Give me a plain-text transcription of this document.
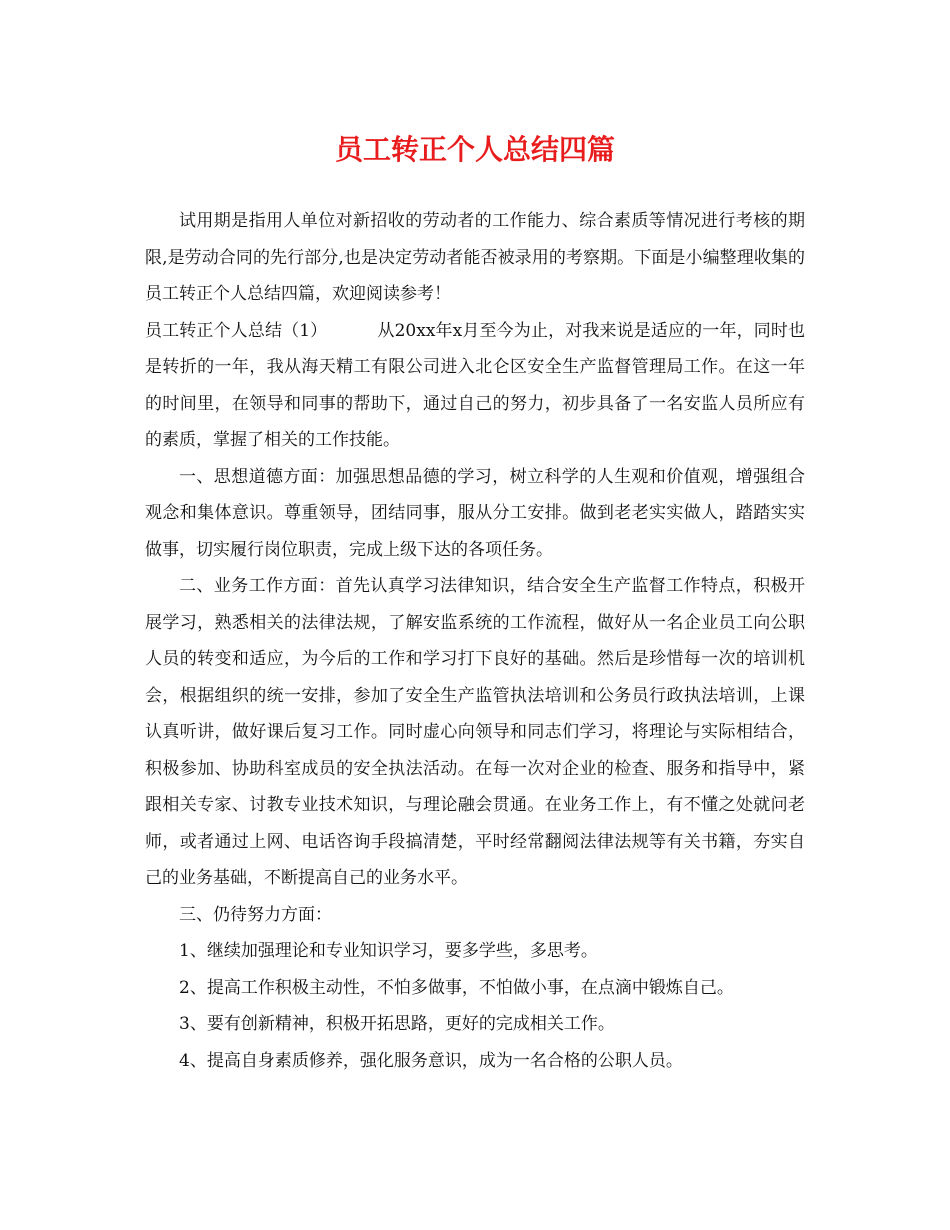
员工转正个人总结四篇

试用期是指用人单位对新招收的劳动者的工作能力、综合素质等情况进行考核的期限,是劳动合同的先行部分,也是决定劳动者能否被录用的考察期。下面是小编整理收集的员工转正个人总结四篇，欢迎阅读参考！

员工转正个人总结（1）	从20xx年x月至今为止，对我来说是适应的一年，同时也是转折的一年，我从海天精工有限公司进入北仑区安全生产监督管理局工作。在这一年的时间里，在领导和同事的帮助下，通过自己的努力，初步具备了一名安监人员所应有的素质，掌握了相关的工作技能。

一、思想道德方面：加强思想品德的学习，树立科学的人生观和价值观，增强组合观念和集体意识。尊重领导，团结同事，服从分工安排。做到老老实实做人，踏踏实实做事，切实履行岗位职责，完成上级下达的各项任务。

二、业务工作方面：首先认真学习法律知识，结合安全生产监督工作特点，积极开展学习，熟悉相关的法律法规，了解安监系统的工作流程，做好从一名企业员工向公职人员的转变和适应，为今后的工作和学习打下良好的基础。然后是珍惜每一次的培训机会，根据组织的统一安排，参加了安全生产监管执法培训和公务员行政执法培训，上课认真听讲，做好课后复习工作。同时虚心向领导和同志们学习，将理论与实际相结合，积极参加、协助科室成员的安全执法活动。在每一次对企业的检查、服务和指导中，紧跟相关专家、讨教专业技术知识，与理论融会贯通。在业务工作上，有不懂之处就问老师，或者通过上网、电话咨询手段搞清楚，平时经常翻阅法律法规等有关书籍，夯实自己的业务基础，不断提高自己的业务水平。

三、仍待努力方面：

1、继续加强理论和专业知识学习，要多学些，多思考。

2、提高工作积极主动性，不怕多做事，不怕做小事，在点滴中锻炼自己。

3、要有创新精神，积极开拓思路，更好的完成相关工作。

4、提高自身素质修养，强化服务意识，成为一名合格的公职人员。
